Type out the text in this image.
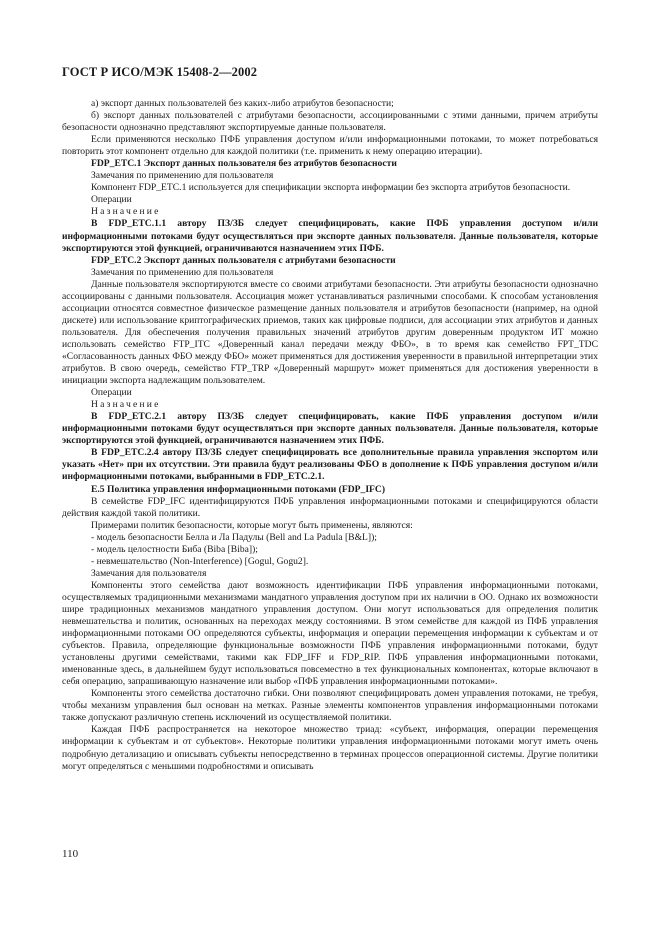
ГОСТ Р ИСО/МЭК 15408-2—2002

а) экспорт данных пользователей без каких-либо атрибутов безопасности;

б) экспорт данных пользователей с атрибутами безопасности, ассоциированными с этими данными, причем атрибуты безопасности однозначно представляют экспортируемые данные пользователя.

Если применяются несколько ПФБ управления доступом и/или информационными потоками, то может потребоваться повторить этот компонент отдельно для каждой политики (т.е. применить к нему операцию итерации).

FDP_ETC.1 Экспорт данных пользователя без атрибутов безопасности

Замечания по применению для пользователя

Компонент FDP_ETC.1 используется для спецификации экспорта информации без экспорта атрибутов безопасности.

Операции

Назначение

В FDP_ETC.1.1 автору ПЗ/ЗБ следует специфицировать, какие ПФБ управления доступом и/или информационными потоками будут осуществляться при экспорте данных пользователя. Данные пользователя, которые экспортируются этой функцией, ограничиваются назначением этих ПФБ.

FDP_ETC.2 Экспорт данных пользователя с атрибутами безопасности

Замечания по применению для пользователя

Данные пользователя экспортируются вместе со своими атрибутами безопасности. Эти атрибуты безопасности однозначно ассоциированы с данными пользователя. Ассоциация может устанавливаться различными способами. К способам установления ассоциации относятся совместное физическое размещение данных пользователя и атрибутов безопасности (например, на одной дискете) или использование криптографических приемов, таких как цифровые подписи, для ассоциации этих атрибутов и данных пользователя. Для обеспечения получения правильных значений атрибутов другим доверенным продуктом ИТ можно использовать семейство FTP_ITC «Доверенный канал передачи между ФБО», в то время как семейство FPT_TDC «Согласованность данных ФБО между ФБО» может применяться для достижения уверенности в правильной интерпретации этих атрибутов. В свою очередь, семейство FTP_TRP «Доверенный маршрут» может применяться для достижения уверенности в инициации экспорта надлежащим пользователем.

Операции

Назначение

В FDP_ETC.2.1 автору ПЗ/ЗБ следует специфицировать, какие ПФБ управления доступом и/или информационными потоками будут осуществляться при экспорте данных пользователя. Данные пользователя, которые экспортируются этой функцией, ограничиваются назначением этих ПФБ.

В FDP_ETC.2.4 автору ПЗ/ЗБ следует специфицировать все дополнительные правила управления экспортом или указать «Нет» при их отсутствии. Эти правила будут реализованы ФБО в дополнение к ПФБ управления доступом и/или информационными потоками, выбранными в FDP_ETC.2.1.

Е.5 Политика управления информационными потоками (FDP_IFC)

В семействе FDP_IFC идентифицируются ПФБ управления информационными потоками и специфицируются области действия каждой такой политики.

Примерами политик безопасности, которые могут быть применены, являются:

- модель безопасности Белла и Ла Падулы (Bell and La Padula [B&L]);

- модель целостности Биба (Biba [Biba]);

- невмешательство (Non-Interference) [Gogul, Gogu2].

Замечания для пользователя

Компоненты этого семейства дают возможность идентификации ПФБ управления информационными потоками, осуществляемых традиционными механизмами мандатного управления доступом при их наличии в ОО. Однако их возможности шире традиционных механизмов мандатного управления доступом. Они могут использоваться для определения политик невмешательства и политик, основанных на переходах между состояниями. В этом семействе для каждой из ПФБ управления информационными потоками ОО определяются субъекты, информация и операции перемещения информации к субъектам и от субъектов. Правила, определяющие функциональные возможности ПФБ управления информационными потоками, будут установлены другими семействами, такими как FDP_IFF и FDP_RIP. ПФБ управления информационными потоками, именованные здесь, в дальнейшем будут использоваться повсеместно в тех функциональных компонентах, которые включают в себя операцию, запрашивающую назначение или выбор «ПФБ управления информационными потоками».

Компоненты этого семейства достаточно гибки. Они позволяют специфицировать домен управления потоками, не требуя, чтобы механизм управления был основан на метках. Разные элементы компонентов управления информационными потоками также допускают различную степень исключений из осуществляемой политики.

Каждая ПФБ распространяется на некоторое множество триад: «субъект, информация, операции перемещения информации к субъектам и от субъектов». Некоторые политики управления информационными потоками могут иметь очень подробную детализацию и описывать субъекты непосредственно в терминах процессов операционной системы. Другие политики могут определяться с меньшими подробностями и описывать

110
